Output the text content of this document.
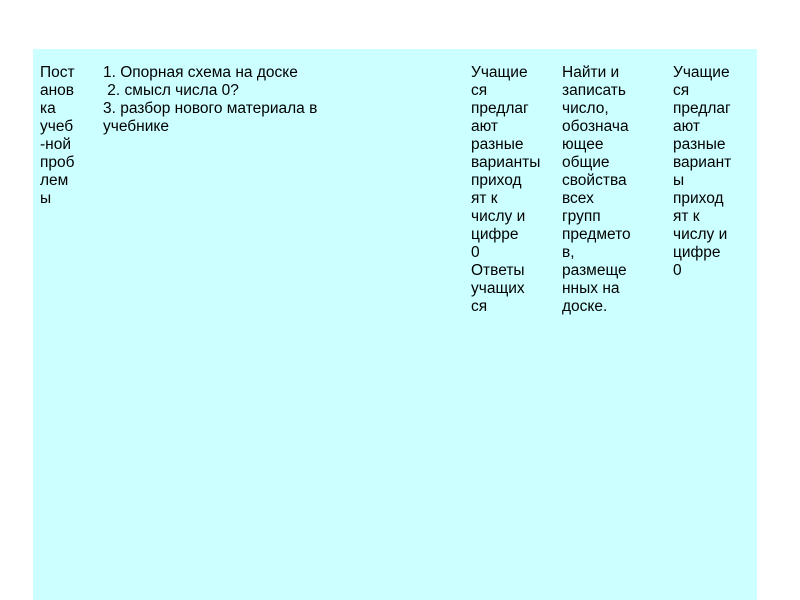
Пост
анов
ка
учеб
-ной
проб
лем
ы
1. Опорная схема на доске
2. смысл числа 0?
3. разбор нового материала в
учебнике
Учащие
ся
предлаг
ают
разные
варианты
приход
ят к
числу и
цифре
0
Ответы
учащих
ся
Найти и
записать
число,
обознача
ющее
общие
свойства
всех
групп
предмето
в,
размеще
нных на
доске.
Учащие
ся
предлаг
ают
разные
вариант
ы
приход
ят к
числу и
цифре
0
